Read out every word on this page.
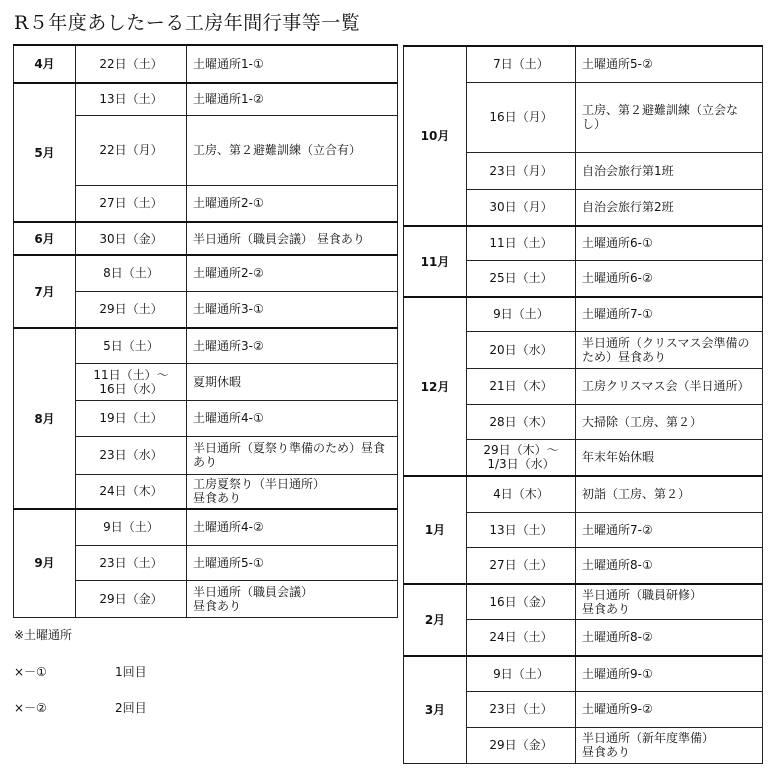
R５年度あしたーる工房年間行事等一覧
4月	22日（土）	土曜通所1-①
5月	13日（土）	土曜通所1-②
	22日（月）	工房、第２避難訓練（立合有）
	27日（土）	土曜通所2-①
6月	30日（金）	半日通所（職員会議） 昼食あり
7月	8日（土）	土曜通所2-②
	29日（土）	土曜通所3-①
8月	5日（土）	土曜通所3-②
	11日（土）～
16日（水）	夏期休暇
	19日（土）	土曜通所4-①
	23日（水）	半日通所（夏祭り準備のため）昼食あり
	24日（木）	工房夏祭り（半日通所）
昼食あり
9月	9日（土）	土曜通所4-②
	23日（土）	土曜通所5-①
	29日（金）	半日通所（職員会議）
昼食あり
10月	7日（土）	土曜通所5-②
	16日（月）	工房、第２避難訓練（立会なし）
	23日（月）	自治会旅行第1班
	30日（月）	自治会旅行第2班
11月	11日（土）	土曜通所6-①
	25日（土）	土曜通所6-②
12月	9日（土）	土曜通所7-①
	20日（水）	半日通所（クリスマス会準備のため）昼食あり
	21日（木）	工房クリスマス会（半日通所）
	28日（木）	大掃除（工房、第２）
	29日（木）～
1/3日（水）	年末年始休暇
1月	4日（木）	初詣（工房、第２）
	13日（土）	土曜通所7-②
	27日（土）	土曜通所8-①
2月	16日（金）	半日通所（職員研修）
昼食あり
	24日（土）	土曜通所8-②
3月	9日（土）	土曜通所9-①
	23日（土）	土曜通所9-②
	29日（金）	半日通所（新年度準備）
昼食あり
※土曜通所
×－①	1回目
×－②	2回目
